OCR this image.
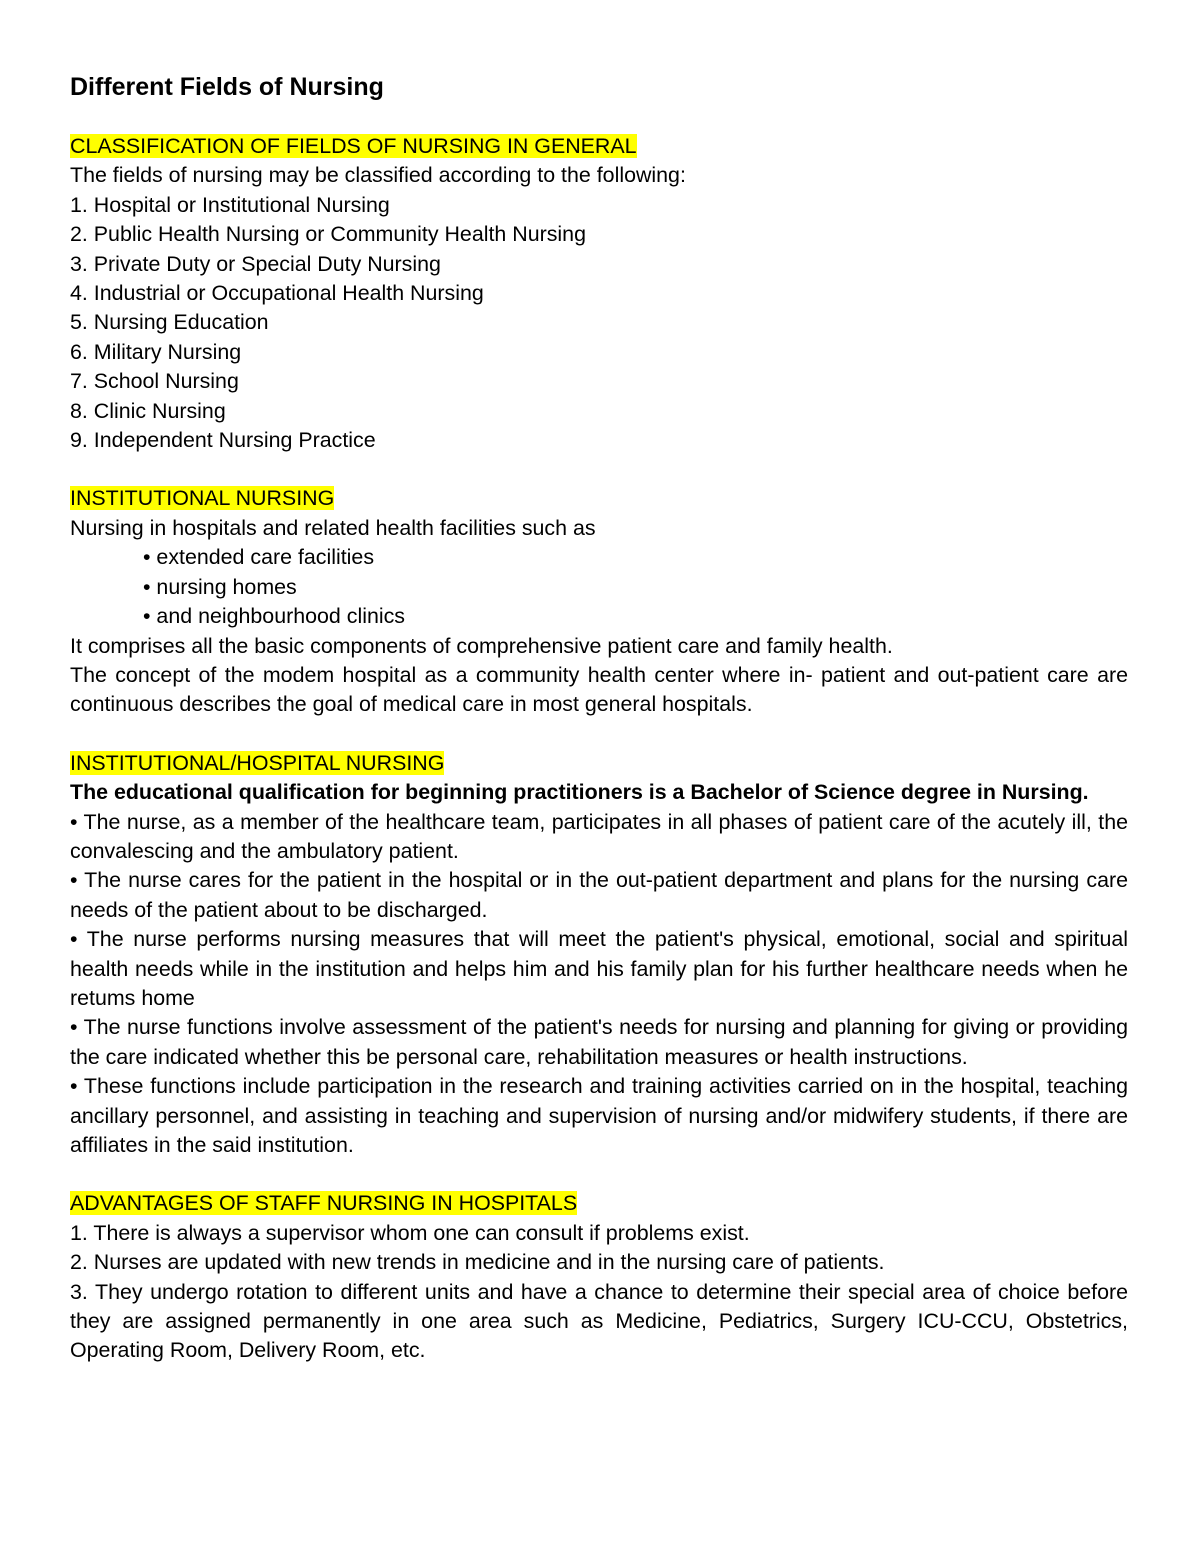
Different Fields of Nursing
CLASSIFICATION OF FIELDS OF NURSING IN GENERAL
The fields of nursing may be classified according to the following:
1. Hospital or Institutional Nursing
2. Public Health Nursing or Community Health Nursing
3. Private Duty or Special Duty Nursing
4. Industrial or Occupational Health Nursing
5. Nursing Education
6. Military Nursing
7. School Nursing
8. Clinic Nursing
9. Independent Nursing Practice
INSTITUTIONAL NURSING
Nursing in hospitals and related health facilities such as
• extended care facilities
• nursing homes
• and neighbourhood clinics
It comprises all the basic components of comprehensive patient care and family health.
The concept of the modem hospital as a community health center where in- patient and out-patient care are continuous describes the goal of medical care in most general hospitals.
INSTITUTIONAL/HOSPITAL NURSING
The educational qualification for beginning practitioners is a Bachelor of Science degree in Nursing.
• The nurse, as a member of the healthcare team, participates in all phases of patient care of the acutely ill, the convalescing and the ambulatory patient.
• The nurse cares for the patient in the hospital or in the out-patient department and plans for the nursing care needs of the patient about to be discharged.
• The nurse performs nursing measures that will meet the patient's physical, emotional, social and spiritual health needs while in the institution and helps him and his family plan for his further healthcare needs when he retums home
• The nurse functions involve assessment of the patient's needs for nursing and planning for giving or providing the care indicated whether this be personal care, rehabilitation measures or health instructions.
• These functions include participation in the research and training activities carried on in the hospital, teaching ancillary personnel, and assisting in teaching and supervision of nursing and/or midwifery students, if there are affiliates in the said institution.
ADVANTAGES OF STAFF NURSING IN HOSPITALS
1. There is always a supervisor whom one can consult if problems exist.
2. Nurses are updated with new trends in medicine and in the nursing care of patients.
3. They undergo rotation to different units and have a chance to determine their special area of choice before they are assigned permanently in one area such as Medicine, Pediatrics, Surgery ICU-CCU, Obstetrics, Operating Room, Delivery Room, etc.
